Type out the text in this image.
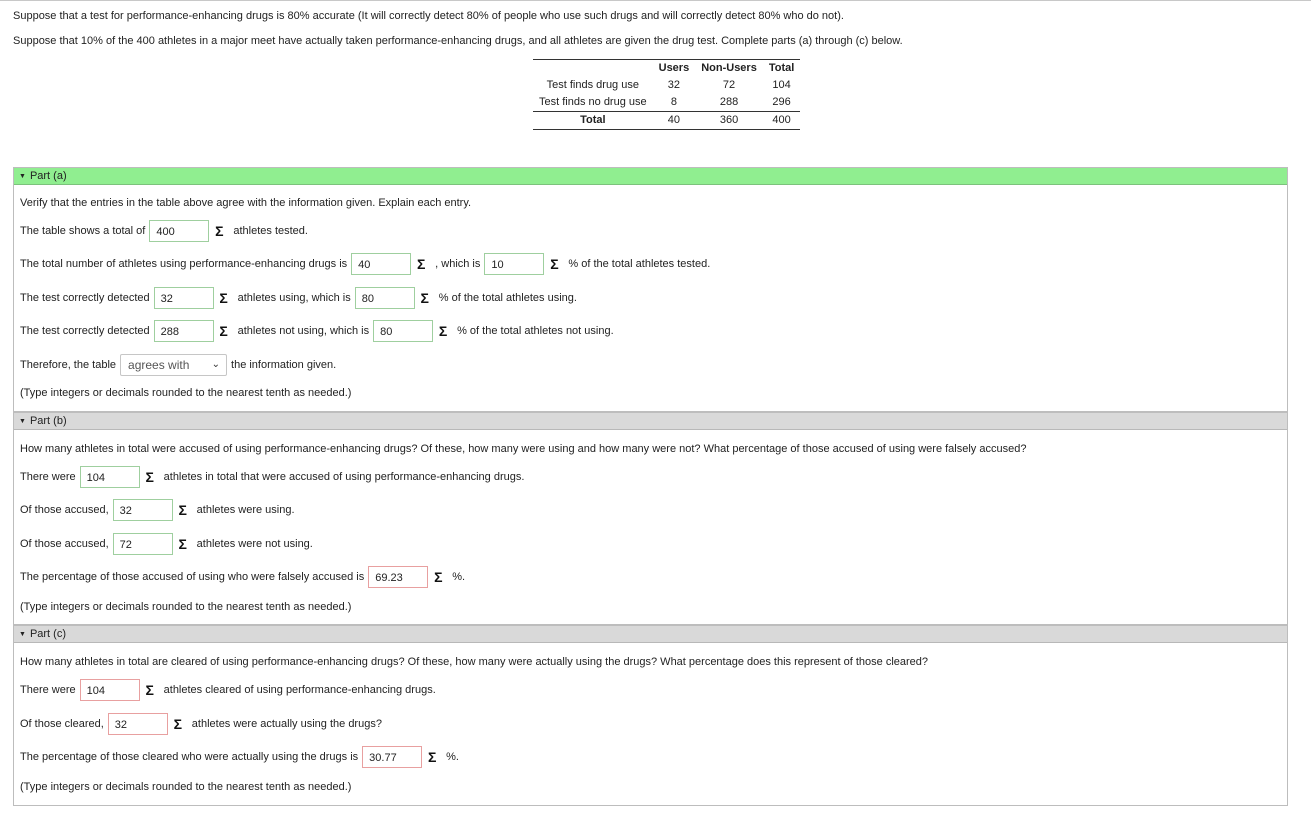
Suppose that a test for performance-enhancing drugs is 80% accurate (It will correctly detect 80% of people who use such drugs and will correctly detect 80% who do not).
Suppose that 10% of the 400 athletes in a major meet have actually taken performance-enhancing drugs, and all athletes are given the drug test. Complete parts (a) through (c) below.
	Users	Non-Users	Total
Test finds drug use	32	72	104
Test finds no drug use	8	288	296
Total	40	360	400
▼ Part (a)
Verify that the entries in the table above agree with the information given. Explain each entry.
The table shows a total of	400	Σ athletes tested.
The total number of athletes using performance-enhancing drugs is	40	Σ , which is	10	Σ % of the total athletes tested.
The test correctly detected	32	Σ athletes using, which is	80	Σ % of the total athletes using.
The test correctly detected	288	Σ athletes not using, which is	80	Σ % of the total athletes not using.
Therefore, the table	agrees with ⌄ the information given.
(Type integers or decimals rounded to the nearest tenth as needed.)
▼ Part (b)
How many athletes in total were accused of using performance-enhancing drugs? Of these, how many were using and how many were not? What percentage of those accused of using were falsely accused?
There were	104	Σ athletes in total that were accused of using performance-enhancing drugs.
Of those accused,	32	Σ athletes were using.
Of those accused,	72	Σ athletes were not using.
The percentage of those accused of using who were falsely accused is	69.23	Σ %.
(Type integers or decimals rounded to the nearest tenth as needed.)
▼ Part (c)
How many athletes in total are cleared of using performance-enhancing drugs? Of these, how many were actually using the drugs? What percentage does this represent of those cleared?
There were	104	Σ athletes cleared of using performance-enhancing drugs.
Of those cleared,	32	Σ athletes were actually using the drugs?
The percentage of those cleared who were actually using the drugs is	30.77	Σ %.
(Type integers or decimals rounded to the nearest tenth as needed.)
